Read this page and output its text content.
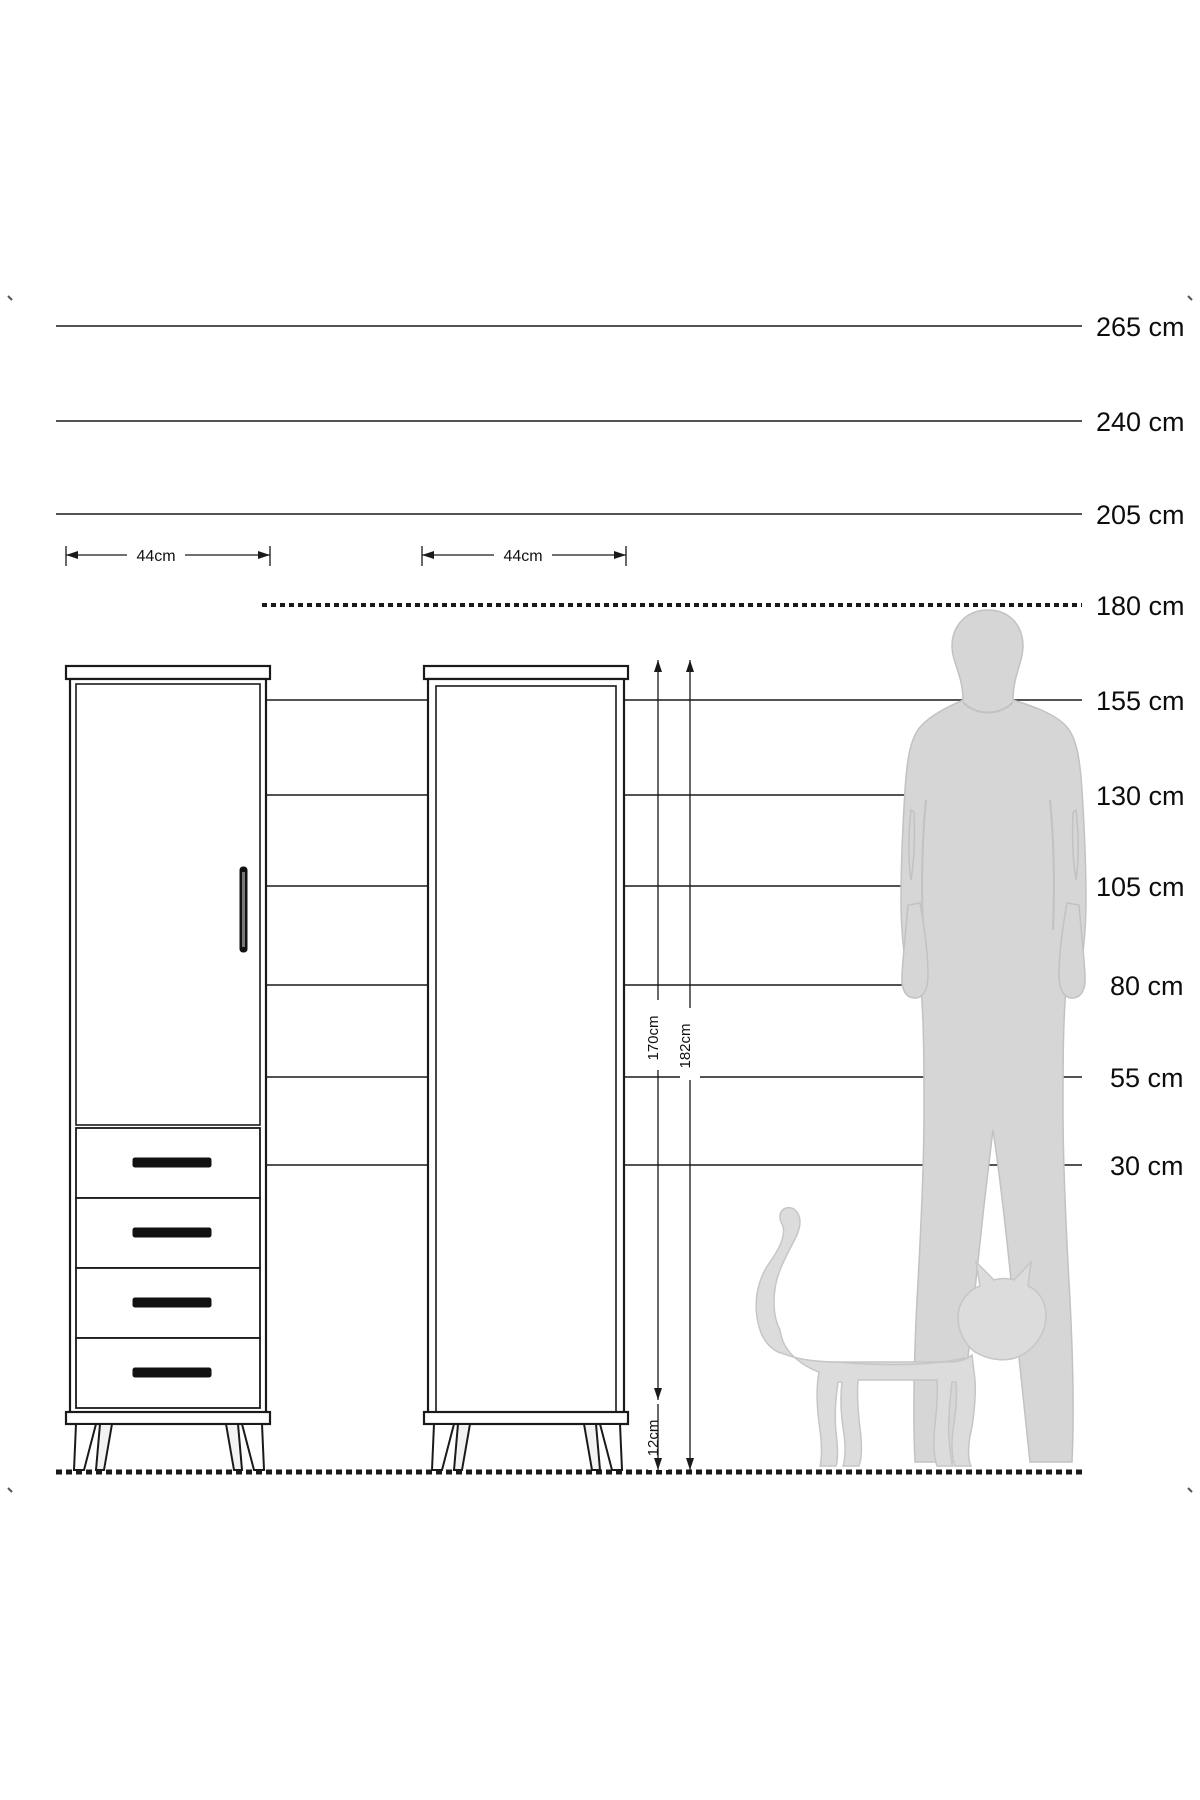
265 cm
240 cm
205 cm
180 cm
155 cm
130 cm
105 cm
80 cm
55 cm
30 cm
44cm	44cm
170cm
12cm
182cm
